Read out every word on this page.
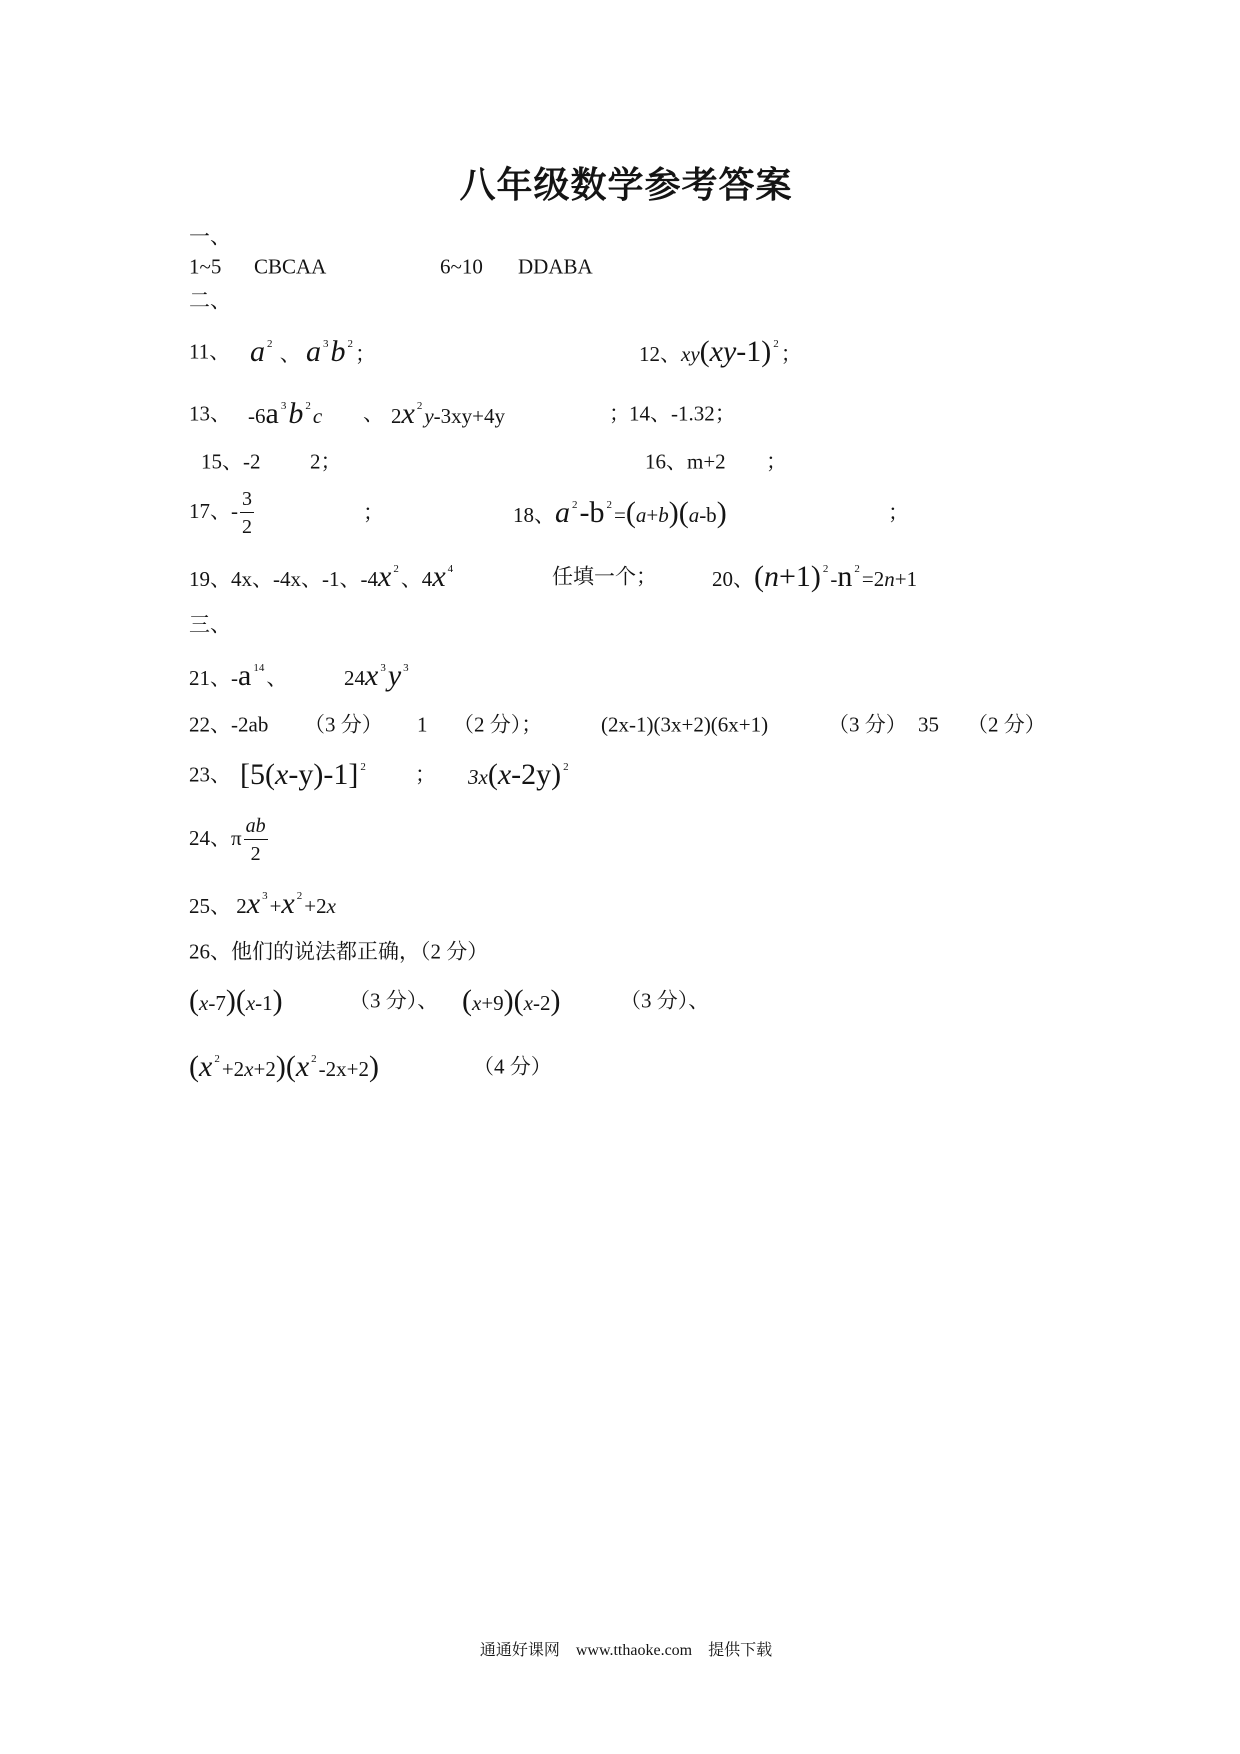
八年级数学参考答案
一、
1~5 CBCAA	6~10 DDABA
二、
11、 a $^2$ 、 a $^3$b $^2$；	12、xy(xy-1) $^2$；
13、 -6a $^3$b $^2$c 、 2x $^2$y-3xy+4y	； 14、-1.32；
15、-2 2；	16、m+2 ；
17、- $\frac{3}{2}$	；	18、a $^2$-b $^2$=(a+b)(a-b)	；
19、4x、-4x、-1、-4x $^2$、4x $^4$	任填一个；	20、(n+1) $^2$-n $^2$=2n+1
三、
21、-a $^{14}$、	24x $^3$y $^3$
22、-2ab （3 分） 1 （2 分）；	(2x-1)(3x+2)(6x+1)	（3 分） 35 （2 分）
23、 [5(x-y)-1] $^2$ ； 3x(x-2y) $^2$
24、π $\frac{ab}{2}$
25、 2x $^3$+x $^2$+2x
26、他们的说法都正确，（2 分）
(x-7)(x-1)	（3 分）、 (x+9)(x-2)	（3 分）、
(x $^2$+2x+2)(x $^2$-2x+2)	（4 分）
通通好课网　www.tthaoke.com　提供下载
